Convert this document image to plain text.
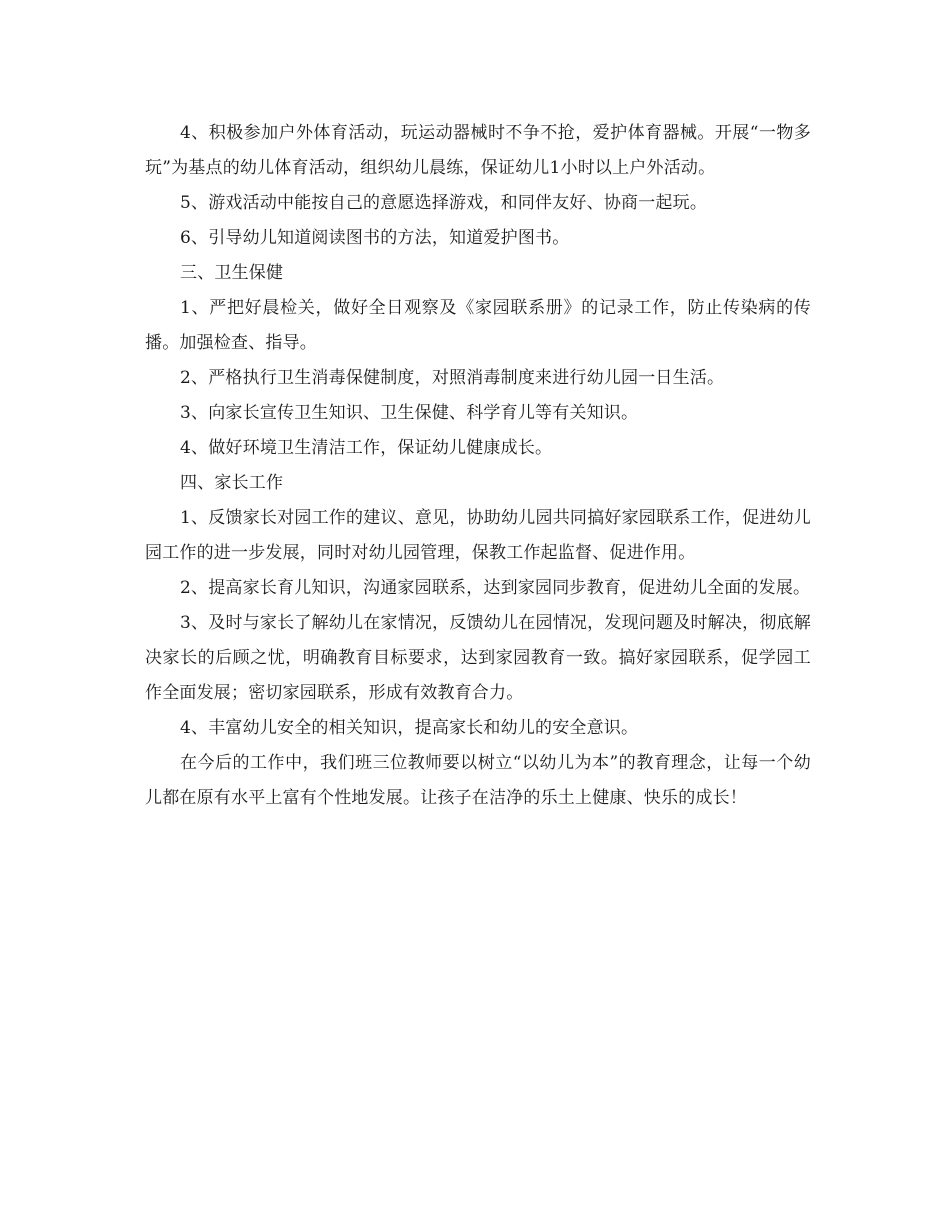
4、积极参加户外体育活动，玩运动器械时不争不抢，爱护体育器械。开展“一物多玩”为基点的幼儿体育活动，组织幼儿晨练，保证幼儿1小时以上户外活动。

5、游戏活动中能按自己的意愿选择游戏，和同伴友好、协商一起玩。

6、引导幼儿知道阅读图书的方法，知道爱护图书。

三、卫生保健

1、严把好晨检关，做好全日观察及《家园联系册》的记录工作，防止传染病的传播。加强检查、指导。

2、严格执行卫生消毒保健制度，对照消毒制度来进行幼儿园一日生活。

3、向家长宣传卫生知识、卫生保健、科学育儿等有关知识。

4、做好环境卫生清洁工作，保证幼儿健康成长。

四、家长工作

1、反馈家长对园工作的建议、意见，协助幼儿园共同搞好家园联系工作，促进幼儿园工作的进一步发展，同时对幼儿园管理，保教工作起监督、促进作用。

2、提高家长育儿知识，沟通家园联系，达到家园同步教育，促进幼儿全面的发展。

3、及时与家长了解幼儿在家情况，反馈幼儿在园情况，发现问题及时解决，彻底解决家长的后顾之忧，明确教育目标要求，达到家园教育一致。搞好家园联系，促学园工作全面发展；密切家园联系，形成有效教育合力。

4、丰富幼儿安全的相关知识，提高家长和幼儿的安全意识。

在今后的工作中，我们班三位教师要以树立“以幼儿为本”的教育理念，让每一个幼儿都在原有水平上富有个性地发展。让孩子在洁净的乐土上健康、快乐的成长！
